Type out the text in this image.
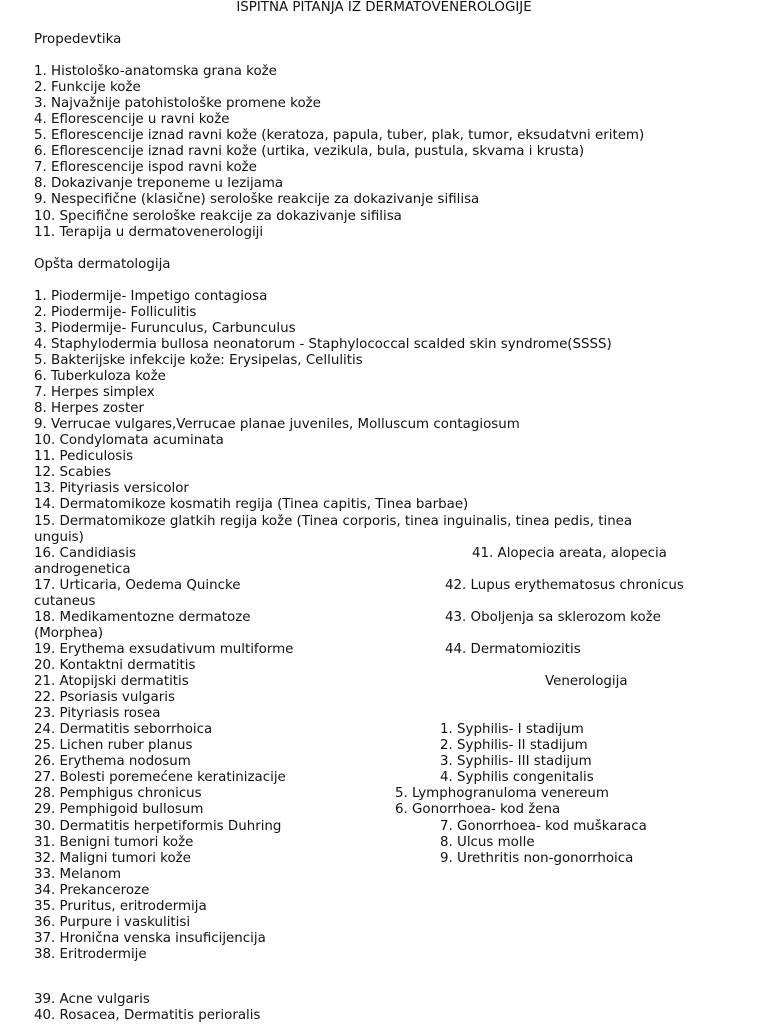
ISPITNA PITANJA IZ DERMATOVENEROLOGIJE
Propedevtika
1. Histološko-anatomska grаna kože
2. Funkcije kože
3. Najvažnije patohistološke promene kože
4. Eflorescencije u ravni kože
5. Eflorescencije iznad ravni kože (keratoza, papula, tuber, plak, tumor, eksudatvni eritem)
6. Eflorescencije iznad ravni kože (urtika, vezikula, bula, pustula, skvama i krusta)
7. Eflorescencije ispod ravni kože
8. Dokazivanje treponeme u lezijama
9. Nespecifične (klasične) serološke reakcije za dokazivanje sifilisa
10. Specifične serološke reakcije za dokazivanje sifilisa
11. Terapija u dermatovenerologiji
Opšta dermatologija
1. Piodermije- Impetigo contagiosa
2. Piodermije- Folliculitis
3. Piodermije- Furunculus, Carbunculus
4. Staphylodermia bullosa neonatorum - Staphylococcal scalded skin syndrome(SSSS)
5. Bakterijske infekcije kože: Erysipelas, Cellulitis
6. Tuberkuloza kože
7. Herpes simplex
8. Herpes zoster
9. Verrucae vulgares,Verrucae planae juveniles, Molluscum contagiosum
10. Condylomata acuminata
11. Pediculosis
12. Scabies
13. Pityriasis versicolor
14. Dermatomikoze kosmatih regija (Tinea capitis, Tinea barbae)
15. Dermatomikoze glatkih regija kože (Tinea corporis, tinea inguinalis, tinea pedis, tinea
unguis)
16. Candidiasis	41. Alopecia areata, alopecia
androgenetica
17. Urticaria, Oedema Quincke	42. Lupus erythematosus chronicus
cutaneus
18. Medikamentozne dermatoze	43. Oboljenja sa sklerozom kože
(Morphea)
19. Erythema exsudativum multiforme	44. Dermatomiozitis
20. Kontaktni dermatitis
21. Atopijski dermatitis	Venerologija
22. Psoriasis vulgaris
23. Pityriasis rosea
24. Dermatitis seborrhoica	1. Syphilis- I stadijum
25. Lichen ruber planus	2. Syphilis- II stadijum
26. Erythema nodosum	3. Syphilis- III stadijum
27. Bolesti poremećene keratinizacije	4. Syphilis congenitalis
28. Pemphigus chronicus	5. Lymphogranuloma venereum
29. Pemphigoid bullosum	6. Gonorrhoea- kod žena
30. Dermatitis herpetiformis Duhring	7. Gonorrhoea- kod muškaraca
31. Benigni tumori kože	8. Ulcus molle
32. Maligni tumori kože	9. Urethritis non-gonorrhoica
33. Melanom
34. Prekanceroze
35. Pruritus, eritrodermija
36. Purpure i vaskulitisi
37. Hronična venska insuficijencija
38. Eritrodermije
39. Acne vulgaris
40. Rosacea, Dermatitis perioralis
